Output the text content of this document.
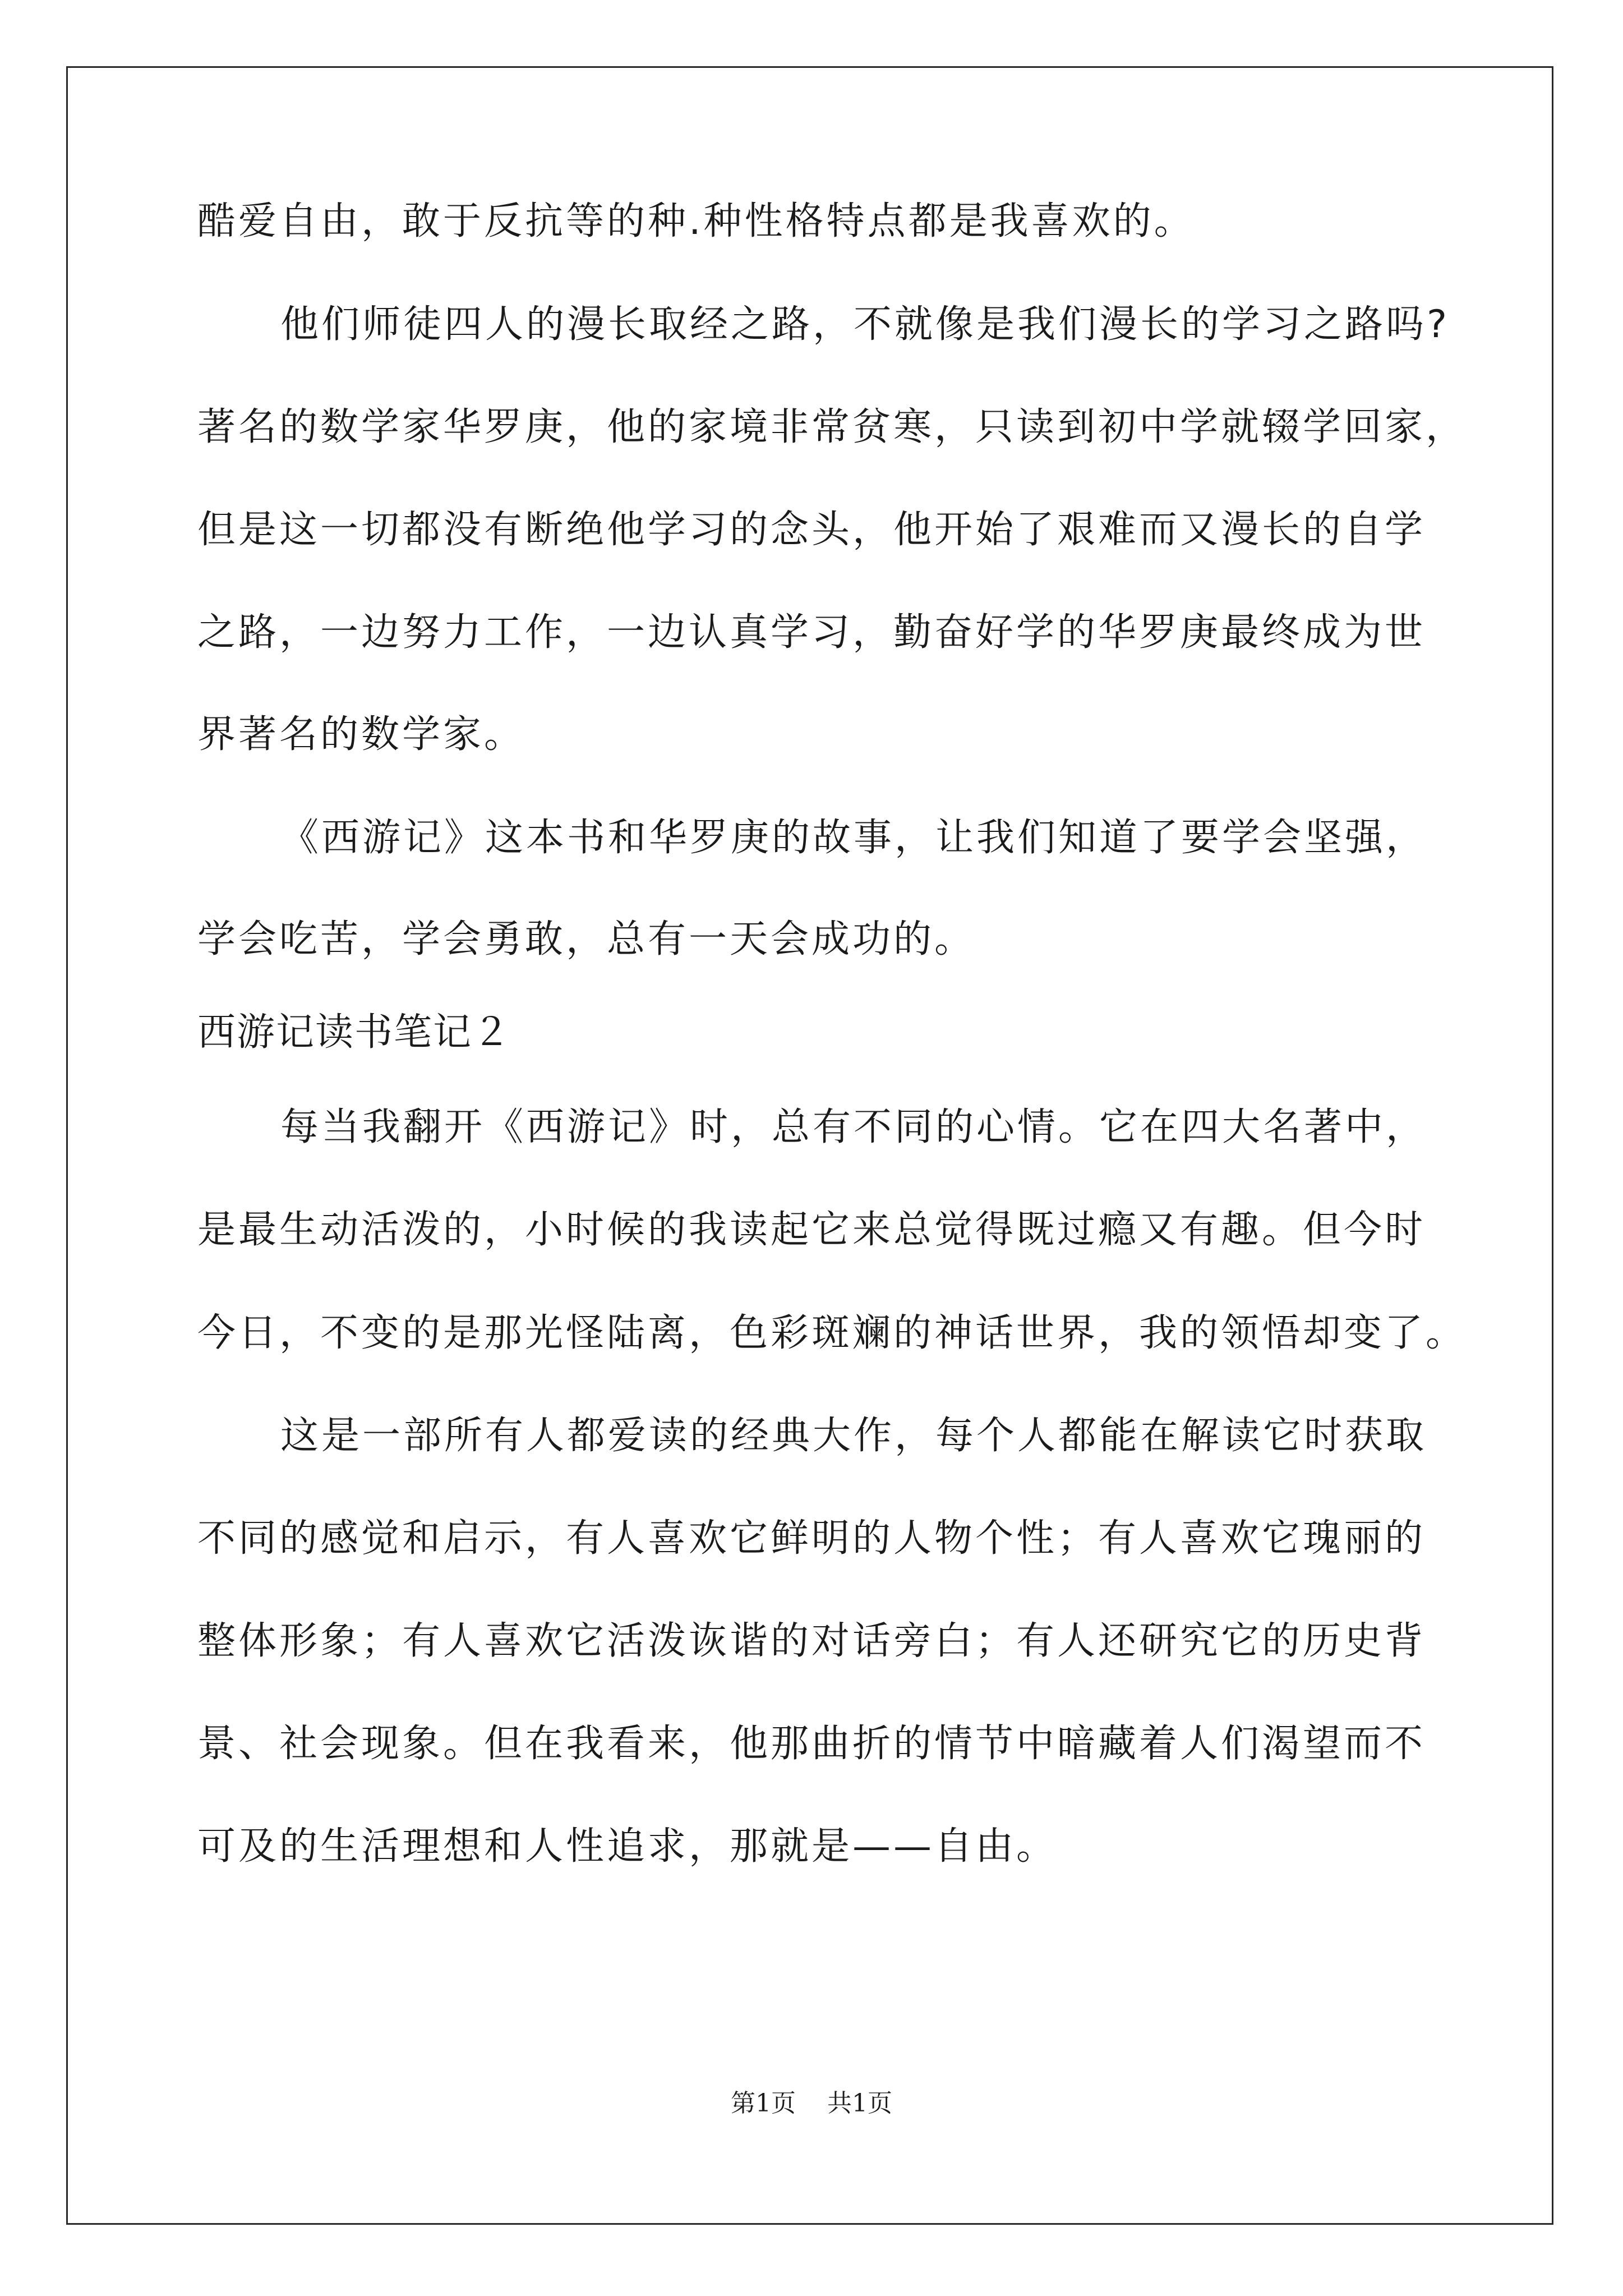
酷爱自由，敢于反抗等的种.种性格特点都是我喜欢的。
他们师徒四人的漫长取经之路，不就像是我们漫长的学习之路吗?
著名的数学家华罗庚，他的家境非常贫寒，只读到初中学就辍学回家，
但是这一切都没有断绝他学习的念头，他开始了艰难而又漫长的自学
之路，一边努力工作，一边认真学习，勤奋好学的华罗庚最终成为世
界著名的数学家。
《西游记》这本书和华罗庚的故事，让我们知道了要学会坚强，
学会吃苦，学会勇敢，总有一天会成功的。
西游记读书笔记２
每当我翻开《西游记》时，总有不同的心情。它在四大名著中，
是最生动活泼的，小时候的我读起它来总觉得既过瘾又有趣。但今时
今日，不变的是那光怪陆离，色彩斑斓的神话世界，我的领悟却变了。
这是一部所有人都爱读的经典大作，每个人都能在解读它时获取
不同的感觉和启示，有人喜欢它鲜明的人物个性；有人喜欢它瑰丽的
整体形象；有人喜欢它活泼诙谐的对话旁白；有人还研究它的历史背
景、社会现象。但在我看来，他那曲折的情节中暗藏着人们渴望而不
可及的生活理想和人性追求，那就是——自由。
第1页 共1页
